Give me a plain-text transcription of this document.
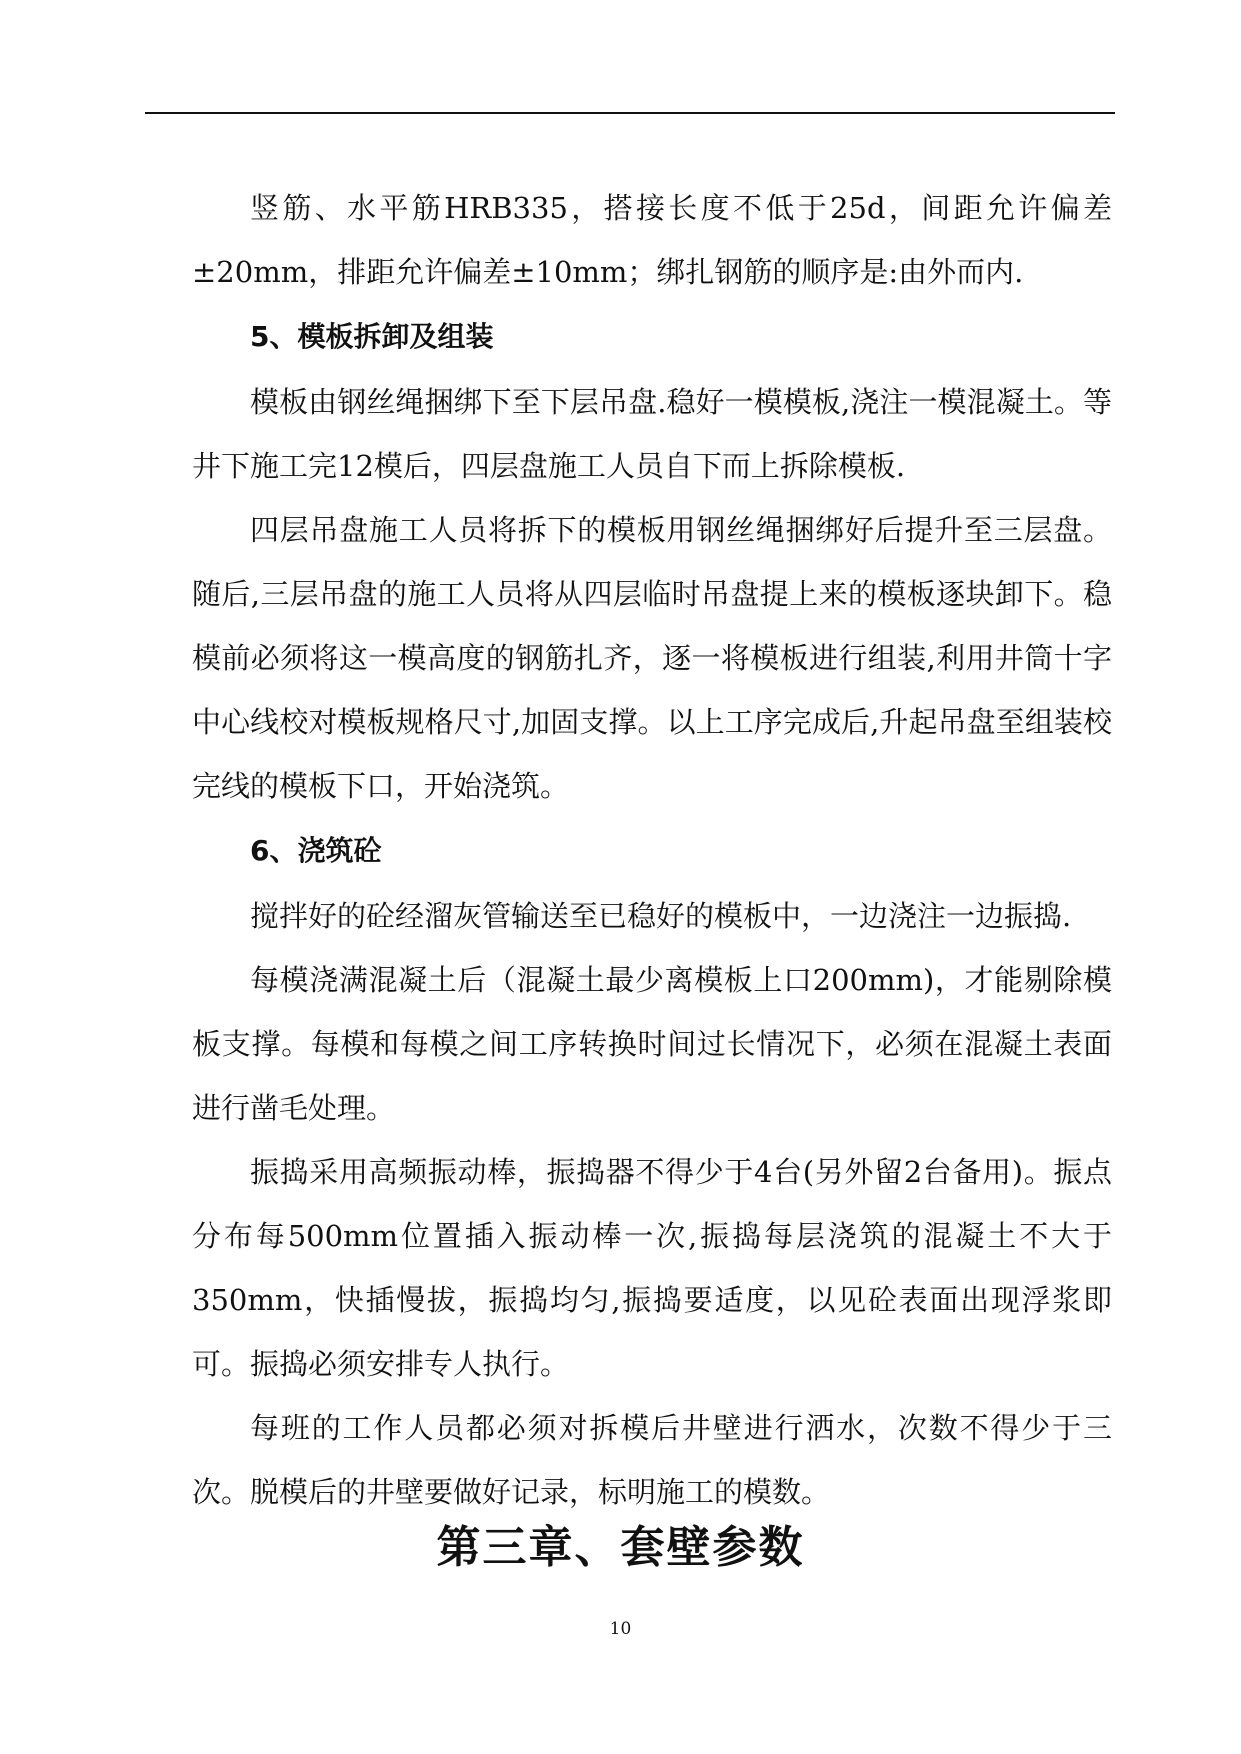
竖筋、水平筋HRB335，搭接长度不低于25d，间距允许偏差±20mm，排距允许偏差±10mm；绑扎钢筋的顺序是:由外而内.

5、模板拆卸及组装

模板由钢丝绳捆绑下至下层吊盘.稳好一模模板,浇注一模混凝土。等井下施工完12模后，四层盘施工人员自下而上拆除模板.

四层吊盘施工人员将拆下的模板用钢丝绳捆绑好后提升至三层盘。随后,三层吊盘的施工人员将从四层临时吊盘提上来的模板逐块卸下。稳模前必须将这一模高度的钢筋扎齐，逐一将模板进行组装,利用井筒十字中心线校对模板规格尺寸,加固支撑。以上工序完成后,升起吊盘至组装校完线的模板下口，开始浇筑。

6、浇筑砼

搅拌好的砼经溜灰管输送至已稳好的模板中，一边浇注一边振捣.

每模浇满混凝土后（混凝土最少离模板上口200mm)，才能剔除模板支撑。每模和每模之间工序转换时间过长情况下，必须在混凝土表面进行凿毛处理。

振捣采用高频振动棒，振捣器不得少于4台(另外留2台备用)。振点分布每500mm位置插入振动棒一次,振捣每层浇筑的混凝土不大于350mm，快插慢拔，振捣均匀,振捣要适度，以见砼表面出现浮浆即可。振捣必须安排专人执行。

每班的工作人员都必须对拆模后井壁进行洒水，次数不得少于三次。脱模后的井壁要做好记录，标明施工的模数。

第三章、套壁参数
10
